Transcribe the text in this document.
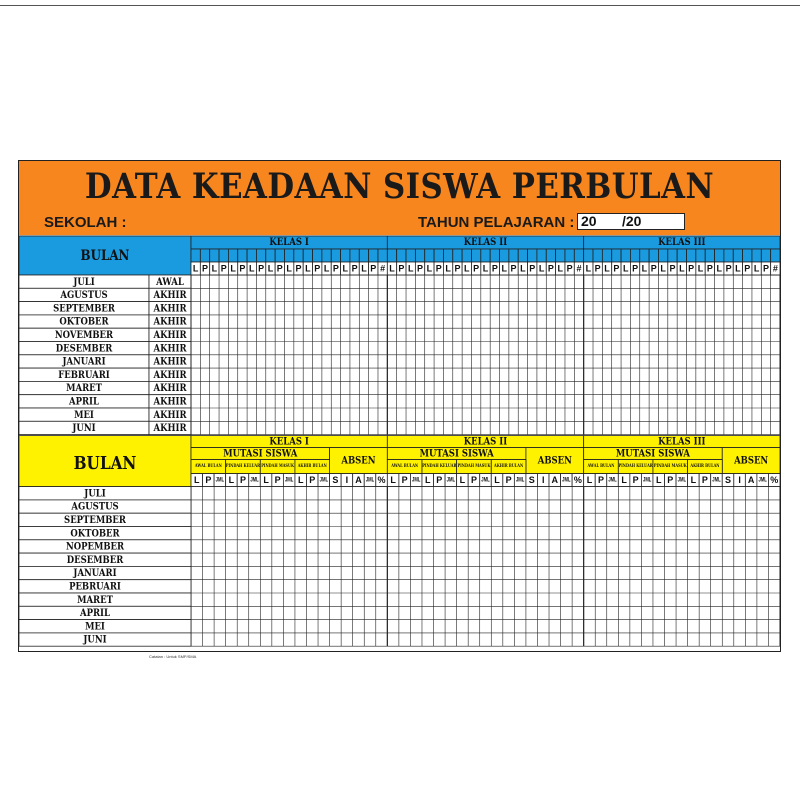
DATA KEADAAN SISWA PERBULAN
SEKOLAH :	TAHUN PELAJARAN : 20 /20
BULAN
KELAS I
L P L P L P L P L P L P L P L P L P L P #
KELAS II
L P L P L P L P L P L P L P L P L P L P #
KELAS III
L P L P L P L P L P L P L P L P L P L P #
JULI	AWAL
AGUSTUS	AKHIR
SEPTEMBER	AKHIR
OKTOBER	AKHIR
NOVEMBER	AKHIR
DESEMBER	AKHIR
JANUARI	AKHIR
FEBRUARI	AKHIR
MARET	AKHIR
APRIL	AKHIR
MEI	AKHIR
JUNI	AKHIR
BULAN
KELAS I
MUTASI SISWA
ABSEN
AWAL BULAN PINDAH KELUAR PINDAH MASUK AKHIR BULAN
L P JML L P JML L P JML L P JML S I A JML %
KELAS II
MUTASI SISWA
ABSEN
AWAL BULAN PINDAH KELUAR PINDAH MASUK AKHIR BULAN
L P JML L P JML L P JML L P JML S I A JML %
KELAS III
MUTASI SISWA
ABSEN
AWAL BULAN PINDAH KELUAR PINDAH MASUK AKHIR BULAN
L P JML L P JML L P JML L P JML S I A JML %
JULI
AGUSTUS
SEPTEMBER
OKTOBER
NOPEMBER
DESEMBER
JANUARI
PEBRUARI
MARET
APRIL
MEI
JUNI
Catatan : Untuk SMP/SMA
